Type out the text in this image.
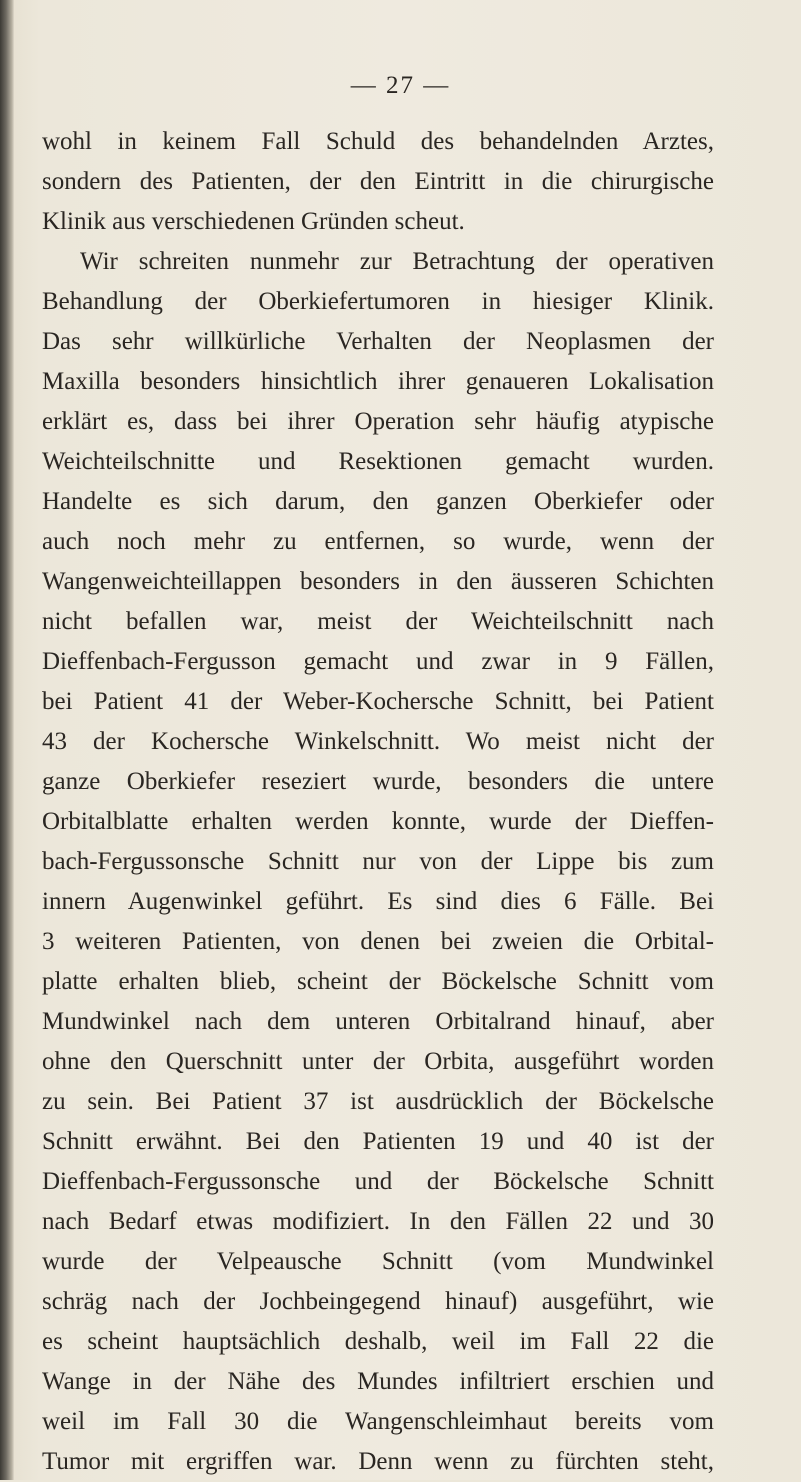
— 27 —
wohl in keinem Fall Schuld des behandelnden Arztes,
sondern des Patienten, der den Eintritt in die chirurgische
Klinik aus verschiedenen Gründen scheut.
Wir schreiten nunmehr zur Betrachtung der operativen
Behandlung der Oberkiefertumoren in hiesiger Klinik.
Das sehr willkürliche Verhalten der Neoplasmen der
Maxilla besonders hinsichtlich ihrer genaueren Lokalisation
erklärt es, dass bei ihrer Operation sehr häufig atypische
Weichteilschnitte und Resektionen gemacht wurden.
Handelte es sich darum, den ganzen Oberkiefer oder
auch noch mehr zu entfernen, so wurde, wenn der
Wangenweichteillappen besonders in den äusseren Schichten
nicht befallen war, meist der Weichteilschnitt nach
Dieffenbach-Fergusson gemacht und zwar in 9 Fällen,
bei Patient 41 der Weber-Kochersche Schnitt, bei Patient
43 der Kochersche Winkelschnitt. Wo meist nicht der
ganze Oberkiefer reseziert wurde, besonders die untere
Orbitalblatte erhalten werden konnte, wurde der Dieffen-
bach-Fergussonsche Schnitt nur von der Lippe bis zum
innern Augenwinkel geführt. Es sind dies 6 Fälle. Bei
3 weiteren Patienten, von denen bei zweien die Orbital-
platte erhalten blieb, scheint der Böckelsche Schnitt vom
Mundwinkel nach dem unteren Orbitalrand hinauf, aber
ohne den Querschnitt unter der Orbita, ausgeführt worden
zu sein. Bei Patient 37 ist ausdrücklich der Böckelsche
Schnitt erwähnt. Bei den Patienten 19 und 40 ist der
Dieffenbach-Fergussonsche und der Böckelsche Schnitt
nach Bedarf etwas modifiziert. In den Fällen 22 und 30
wurde der Velpeausche Schnitt (vom Mundwinkel
schräg nach der Jochbeingegend hinauf) ausgeführt, wie
es scheint hauptsächlich deshalb, weil im Fall 22 die
Wange in der Nähe des Mundes infiltriert erschien und
weil im Fall 30 die Wangenschleimhaut bereits vom
Tumor mit ergriffen war. Denn wenn zu fürchten steht,
